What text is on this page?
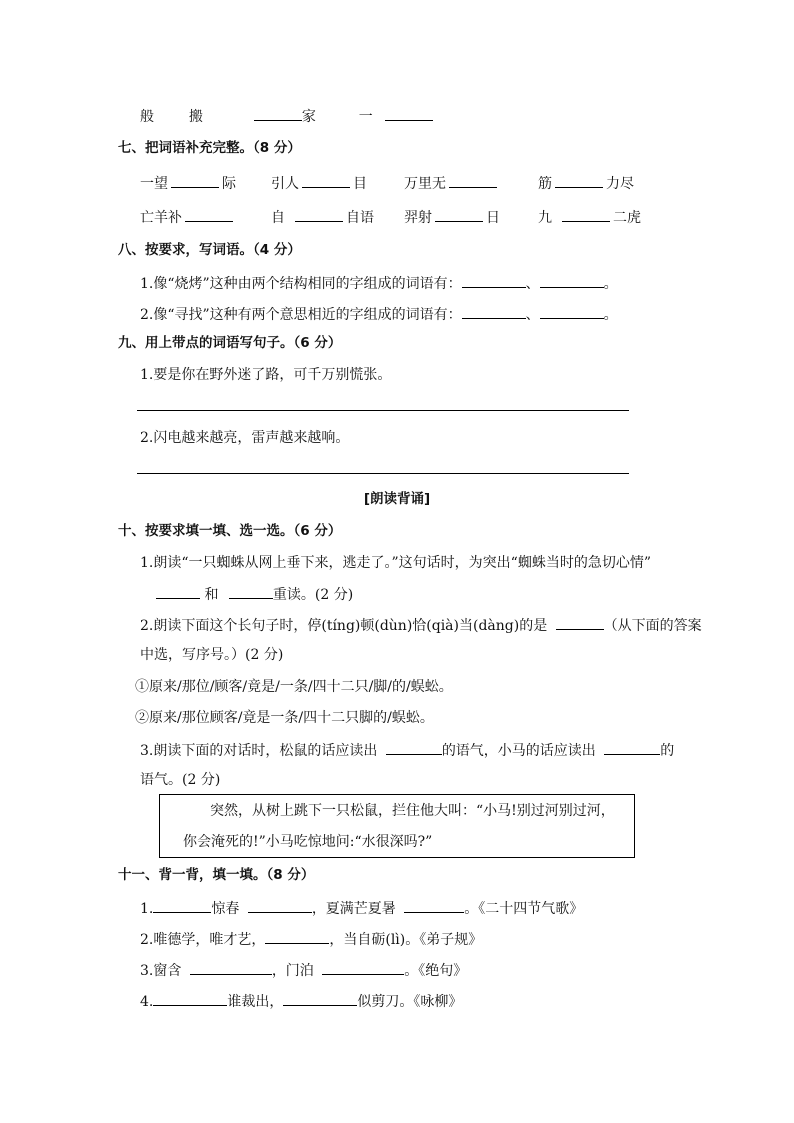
般 搬	家	一
七、把词语补充完整。（8 分）
一望	际	引人	目	万里无	筋	力尽
亡羊补	自	自语 羿射	日	九	二虎
八、按要求，写词语。（4 分）
1.像“烧烤”这种由两个结构相同的字组成的词语有：	、	。
2.像“寻找”这种有两个意思相近的字组成的词语有：	、	。
九、用上带点的词语写句子。（6 分）
1.要是你在野外迷了路，可千万别慌张。
2.闪电越来越亮，雷声越来越响。
[朗读背诵]
十、按要求填一填、选一选。（6 分）
1.朗读“一只蜘蛛从网上垂下来，逃走了。”这句话时，为突出“蜘蛛当时的急切心情”
和	重读。(2 分)
2.朗读下面这个长句子时，停(tíng)顿(dùn)恰(qià)当(dàng)的是	（从下面的答案
中选，写序号。）(2 分)
①原来/那位/顾客/竟是/一条/四十二只/脚/的/蜈蚣。
②原来/那位顾客/竟是一条/四十二只脚的/蜈蚣。
3.朗读下面的对话时，松鼠的话应读出	的语气，小马的话应读出	的
语气。(2 分)
突然，从树上跳下一只松鼠，拦住他大叫：“小马!别过河别过河，
你会淹死的!”小马吃惊地问:“水很深吗?”
十一、背一背，填一填。（8 分）
1.	惊春	，夏满芒夏暑	。《二十四节气歌》
2.唯德学，唯才艺，	，当自砺(lì)。《弟子规》
3.窗含	，门泊	。《绝句》
4.	谁裁出，	似剪刀。《咏柳》
